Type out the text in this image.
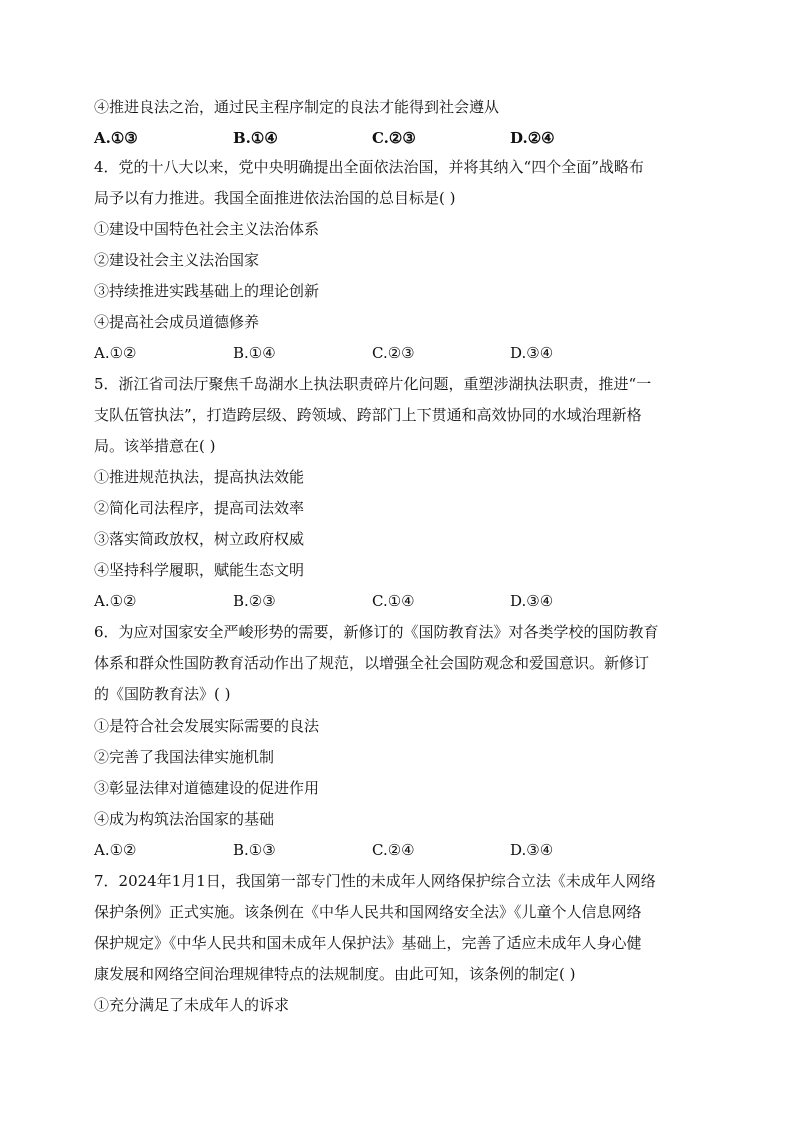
④推进良法之治，通过民主程序制定的良法才能得到社会遵从
A.①③	B.①④	C.②③	D.②④
4．党的十八大以来，党中央明确提出全面依法治国，并将其纳入“四个全面”战略布
局予以有力推进。我国全面推进依法治国的总目标是( )
①建设中国特色社会主义法治体系
②建设社会主义法治国家
③持续推进实践基础上的理论创新
④提高社会成员道德修养
A.①②	B.①④	C.②③	D.③④
5．浙江省司法厅聚焦千岛湖水上执法职责碎片化问题，重塑涉湖执法职责，推进“一
支队伍管执法”，打造跨层级、跨领域、跨部门上下贯通和高效协同的水域治理新格
局。该举措意在( )
①推进规范执法，提高执法效能
②简化司法程序，提高司法效率
③落实简政放权，树立政府权威
④坚持科学履职，赋能生态文明
A.①②	B.②③	C.①④	D.③④
6．为应对国家安全严峻形势的需要，新修订的《国防教育法》对各类学校的国防教育
体系和群众性国防教育活动作出了规范，以增强全社会国防观念和爱国意识。新修订
的《国防教育法》( )
①是符合社会发展实际需要的良法
②完善了我国法律实施机制
③彰显法律对道德建设的促进作用
④成为构筑法治国家的基础
A.①②	B.①③	C.②④	D.③④
7．2024年1月1日，我国第一部专门性的未成年人网络保护综合立法《未成年人网络
保护条例》正式实施。该条例在《中华人民共和国网络安全法》《儿童个人信息网络
保护规定》《中华人民共和国未成年人保护法》基础上，完善了适应未成年人身心健
康发展和网络空间治理规律特点的法规制度。由此可知，该条例的制定( )
①充分满足了未成年人的诉求
